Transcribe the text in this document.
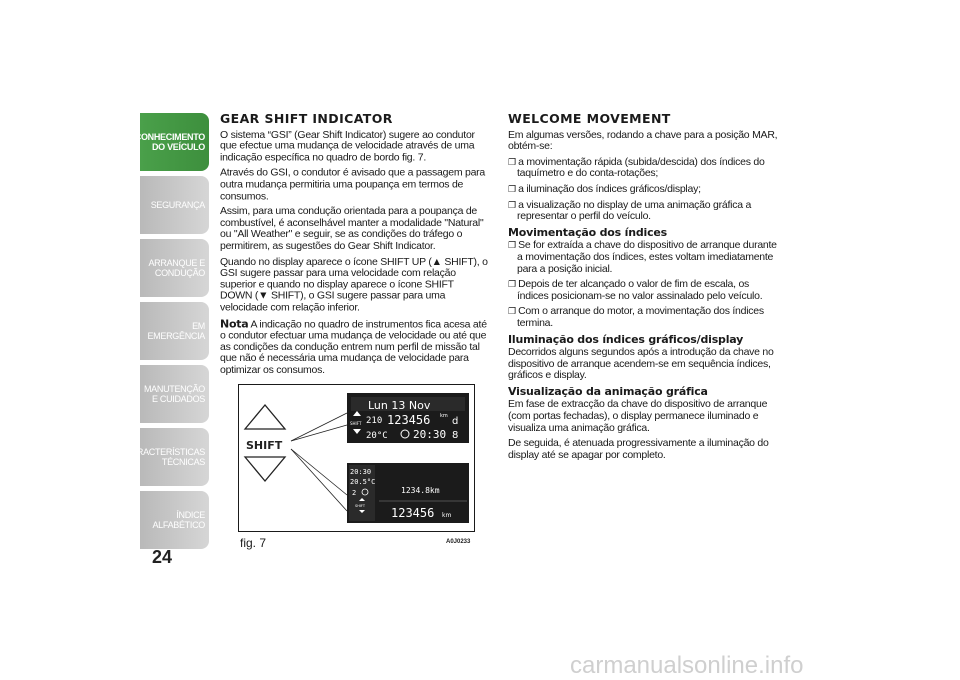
CONHECIMENTO DO VEÍCULO
SEGURANÇA
ARRANQUE E CONDUÇÃO
EM EMERGÊNCIA
MANUTENÇÃO E CUIDADOS
CARACTERÍSTICAS TÉCNICAS
ÍNDICE ALFABÉTICO
24
GEAR SHIFT INDICATOR

O sistema “GSI” (Gear Shift Indicator) sugere ao condutor que efectue uma mudança de velocidade através de uma indicação específica no quadro de bordo fig. 7.

Através do GSI, o condutor é avisado que a passagem para outra mudança permitiria uma poupança em termos de consumos.

Assim, para uma condução orientada para a poupança de combustível, é aconselhável manter a modalidade "Natural" ou "All Weather" e seguir, se as condições do tráfego o permitirem, as sugestões do Gear Shift Indicator.

Quando no display aparece o ícone SHIFT UP (▲ SHIFT), o GSI sugere passar para uma velocidade com relação superior e quando no display aparece o ícone SHIFT DOWN (▼ SHIFT), o GSI sugere passar para uma velocidade com relação inferior.

Nota A indicação no quadro de instrumentos fica acesa até o condutor efectuar uma mudança de velocidade ou até que as condições da condução entrem num perfil de missão tal que não é necessária uma mudança de velocidade para optimizar os consumos.

SHIFT
Lun 13 Nov
SHIFT 210 123456 km d
20°C 20:30 8
20:30
20.5°C
2
SHIFT
1234.8km
123456 km
fig. 7	A0J0233
WELCOME MOVEMENT

Em algumas versões, rodando a chave para a posição MAR, obtém-se:

❐ a movimentação rápida (subida/descida) dos índices do taquímetro e do conta-rotações;

❐ a iluminação dos índices gráficos/display;

❐ a visualização no display de uma animação gráfica a representar o perfil do veículo.

Movimentação dos índices

❐ Se for extraída a chave do dispositivo de arranque durante a movimentação dos índices, estes voltam imediatamente para a posição inicial.

❐ Depois de ter alcançado o valor de fim de escala, os índices posicionam-se no valor assinalado pelo veículo.

❐ Com o arranque do motor, a movimentação dos índices termina.

Iluminação dos índices gráficos/display

Decorridos alguns segundos após a introdução da chave no dispositivo de arranque acendem-se em sequência índices, gráficos e display.

Visualização da animação gráfica

Em fase de extracção da chave do dispositivo de arranque (com portas fechadas), o display permanece iluminado e visualiza uma animação gráfica.

De seguida, é atenuada progressivamente a iluminação do display até se apagar por completo.

carmanualsonline.info
